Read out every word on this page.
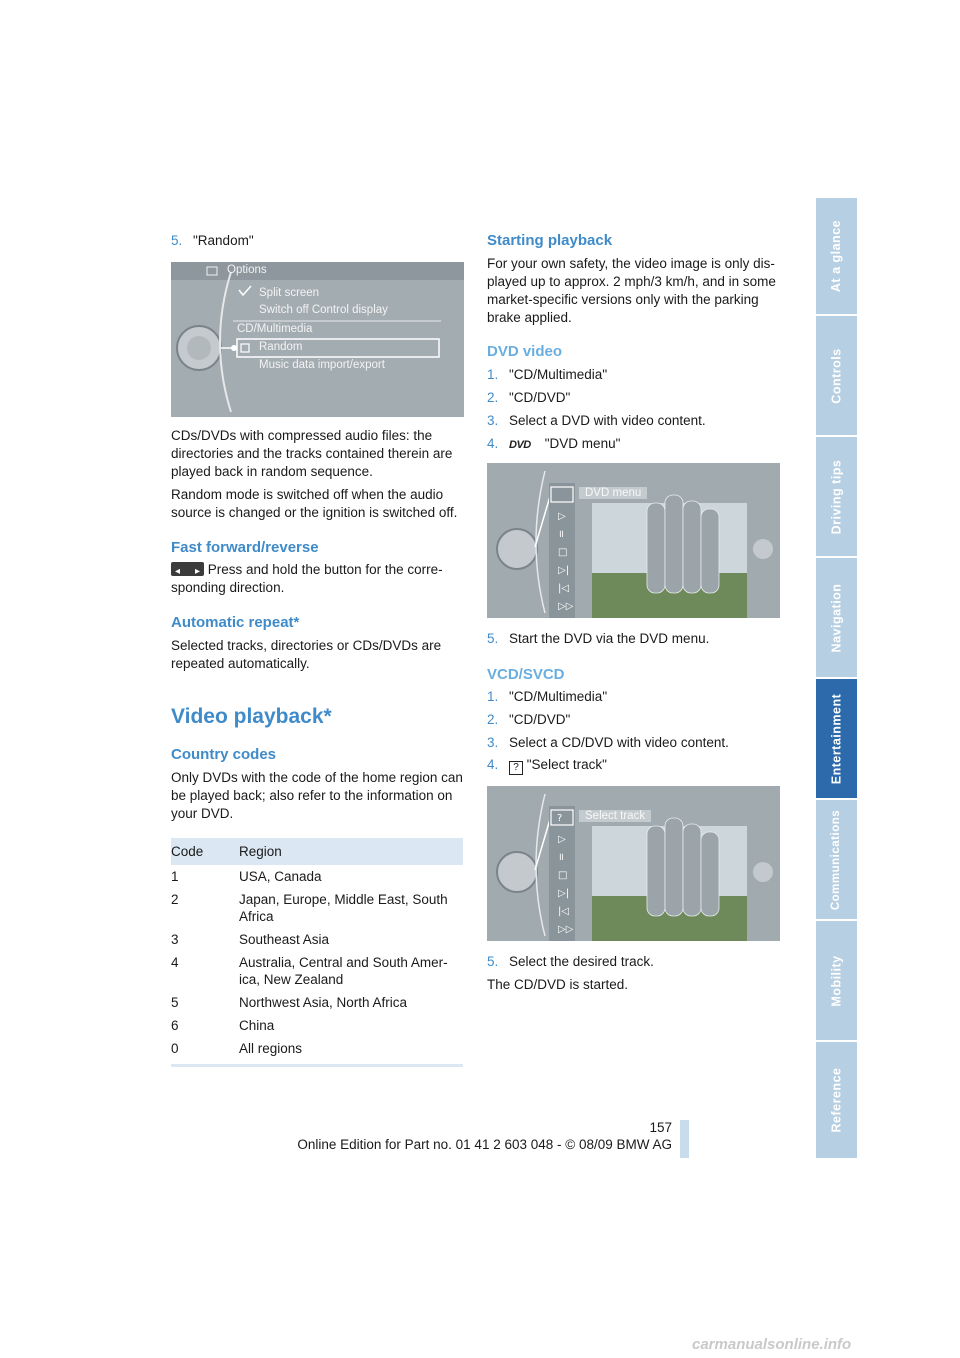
5. "Random"
Options
Split screen
Switch off Control display
CD/Multimedia
Random
Music data import/export
CDs/DVDs with compressed audio files: the directories and the tracks contained therein are played back in random sequence.
Random mode is switched off when the audio source is changed or the ignition is switched off.
Fast forward/reverse
◂ ▸ Press and hold the button for the corre-
sponding direction.
Automatic repeat*
Selected tracks, directories or CDs/DVDs are repeated automatically.
Video playback*
Country codes
Only DVDs with the code of the home region can be played back; also refer to the information on your DVD.
Code	Region
1	USA, Canada
2	Japan, Europe, Middle East, South Africa
3	Southeast Asia
4	Australia, Central and South Amer-ica, New Zealand
5	Northwest Asia, North Africa
6	China
0	All regions
Starting playback
For your own safety, the video image is only dis-played up to approx. 2 mph/3 km/h, and in some market-specific versions only with the parking brake applied.
DVD video
1. "CD/Multimedia"
2. "CD/DVD"
3. Select a DVD with video content.
4. DVD "DVD menu"
▷
॥
□
▷|
|◁
▷▷
DVD menu
5. Start the DVD via the DVD menu.
VCD/SVCD
1. "CD/Multimedia"
2. "CD/DVD"
3. Select a CD/DVD with video content.
4. ? "Select track"
?
▷
॥
□
▷|
|◁
▷▷
Select track
5. Select the desired track.
The CD/DVD is started.
At a glance
Controls
Driving tips
Navigation
Entertainment
Communications
Mobility
Reference
157
Online Edition for Part no. 01 41 2 603 048 - © 08/09 BMW AG
carmanualsonline.info
